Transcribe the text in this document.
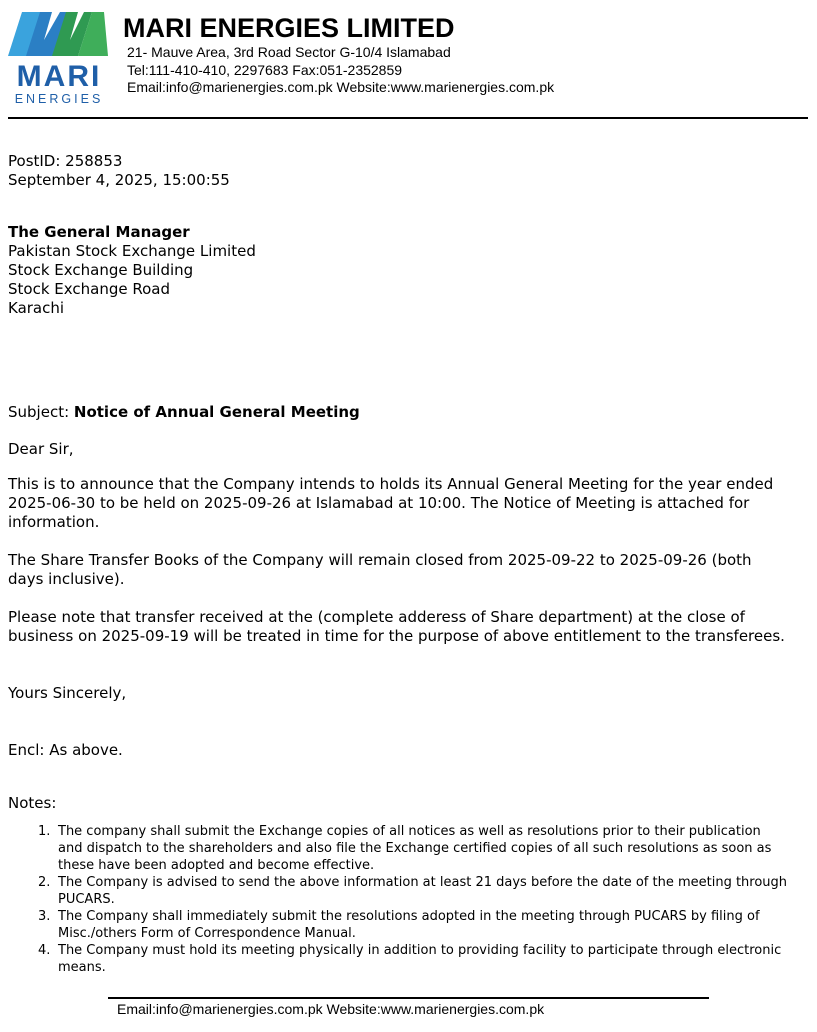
MARI
ENERGIES
MARI ENERGIES LIMITED
21- Mauve Area, 3rd Road Sector G-10/4 Islamabad
Tel:111-410-410, 2297683 Fax:051-2352859
Email:info@marienergies.com.pk Website:www.marienergies.com.pk
PostID: 258853
September 4, 2025, 15:00:55
The General Manager
Pakistan Stock Exchange Limited
Stock Exchange Building
Stock Exchange Road
Karachi
Subject: Notice of Annual General Meeting
Dear Sir,
This is to announce that the Company intends to holds its Annual General Meeting for the year ended 2025-06-30 to be held on 2025-09-26 at Islamabad at 10:00. The Notice of Meeting is attached for information.
The Share Transfer Books of the Company will remain closed from 2025-09-22 to 2025-09-26 (both days inclusive).
Please note that transfer received at the (complete adderess of Share department) at the close of business on 2025-09-19 will be treated in time for the purpose of above entitlement to the transferees.
Yours Sincerely,
Encl: As above.
Notes:
1. The company shall submit the Exchange copies of all notices as well as resolutions prior to their publication and dispatch to the shareholders and also file the Exchange certified copies of all such resolutions as soon as these have been adopted and become effective.
2. The Company is advised to send the above information at least 21 days before the date of the meeting through PUCARS.
3. The Company shall immediately submit the resolutions adopted in the meeting through PUCARS by filing of Misc./others Form of Correspondence Manual.
4. The Company must hold its meeting physically in addition to providing facility to participate through electronic means.
Email:info@marienergies.com.pk Website:www.marienergies.com.pk
